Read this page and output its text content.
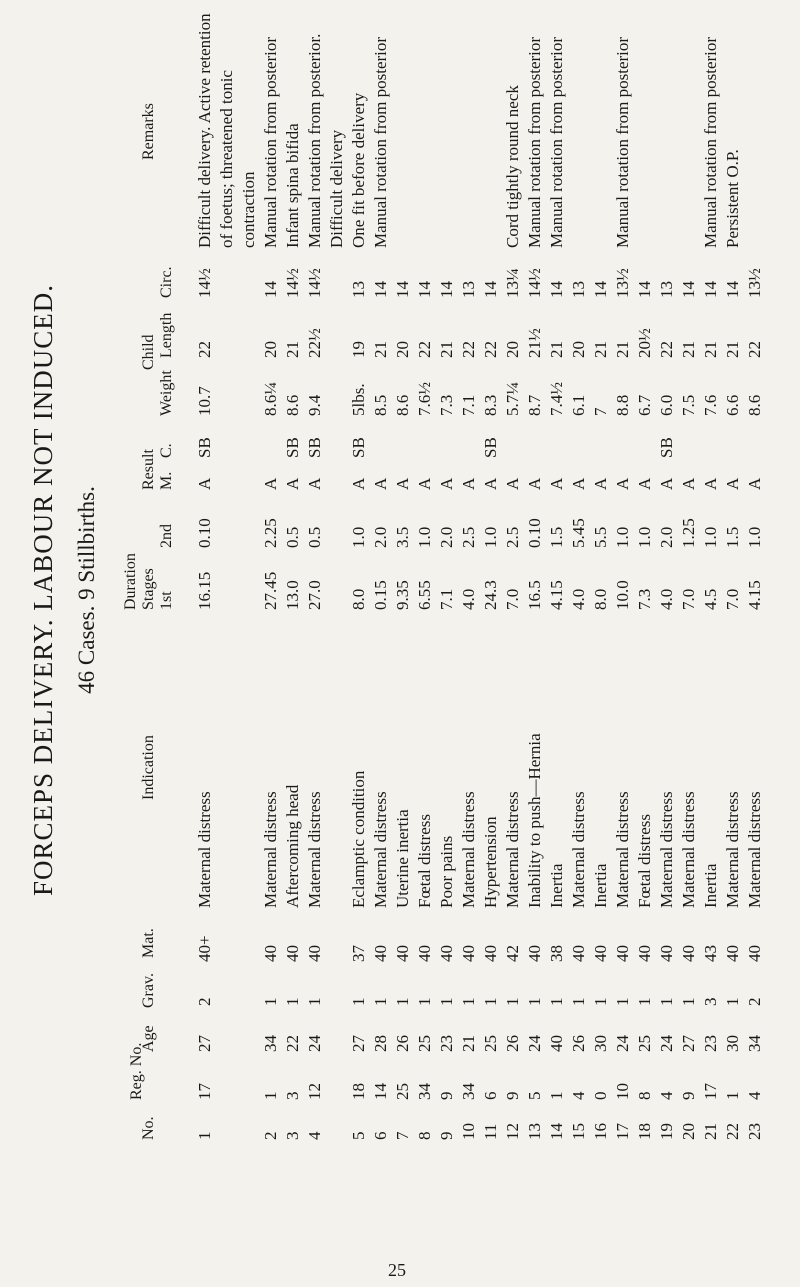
FORCEPS DELIVERY. LABOUR NOT INDUCED. 46 Cases. 9 Stillbirths.
No.
Reg. No.
Age
Grav.
Mat.
Indication
Duration Stages 1st
2nd
Result M.
C.
Child
Weight
Length
Circ.
Remarks
1
17
27
2
40+
Maternal distress
16.15
0.10
A
SB
10.7
22
14½
Difficult delivery. Active retention of foetus; threatened tonic contraction
2
1
34
1
40
Maternal distress
27.45
2.25
A
8.6¼
20
14
Manual rotation from posterior
3
3
22
1
40
Aftercoming head
13.0
0.5
A
SB
8.6
21
14½
Infant spina bifida
4
12
24
1
40
Maternal distress
27.0
0.5
A
SB
9.4
22½
14½
Manual rotation from posterior. Difficult delivery
5
18
27
1
37
Eclamptic condition
8.0
1.0
A
SB
5lbs.
19
13
One fit before delivery
6
14
28
1
40
Maternal distress
0.15
2.0
A
8.5
21
14
Manual rotation from posterior
7
25
26
1
40
Uterine inertia
9.35
3.5
A
8.6
20
14
8
34
25
1
40
Fœtal distress
6.55
1.0
A
7.6½
22
14
9
9
23
1
40
Poor pains
7.1
2.0
A
7.3
21
14
10
34
21
1
40
Maternal distress
4.0
2.5
A
7.1
22
13
11
6
25
1
40
Hypertension
24.3
1.0
A
SB
8.3
22
14
12
9
26
1
42
Maternal distress
7.0
2.5
A
5.7¼
20
13¼
Cord tightly round neck
13
5
24
1
40
Inability to push—Hernia
16.5
0.10
A
8.7
21½
14½
Manual rotation from posterior
14
1
40
1
38
Inertia
4.15
1.5
A
7.4½
21
14
Manual rotation from posterior
15
4
26
1
40
Maternal distress
4.0
5.45
A
6.1
20
13
16
0
30
1
40
Inertia
8.0
5.5
A
7
21
14
17
10
24
1
40
Maternal distress
10.0
1.0
A
8.8
21
13½
Manual rotation from posterior
18
8
25
1
40
Fœtal distress
7.3
1.0
A
6.7
20½
14
19
4
24
1
40
Maternal distress
4.0
2.0
A
SB
6.0
22
13
20
9
27
1
40
Maternal distress
7.0
1.25
A
7.5
21
14
21
17
23
3
43
Inertia
4.5
1.0
A
7.6
21
14
Manual rotation from posterior
22
1
30
1
40
Maternal distress
7.0
1.5
A
6.6
21
14
Persistent O.P.
23
4
34
2
40
Maternal distress
4.15
1.0
A
8.6
22
13½
25
